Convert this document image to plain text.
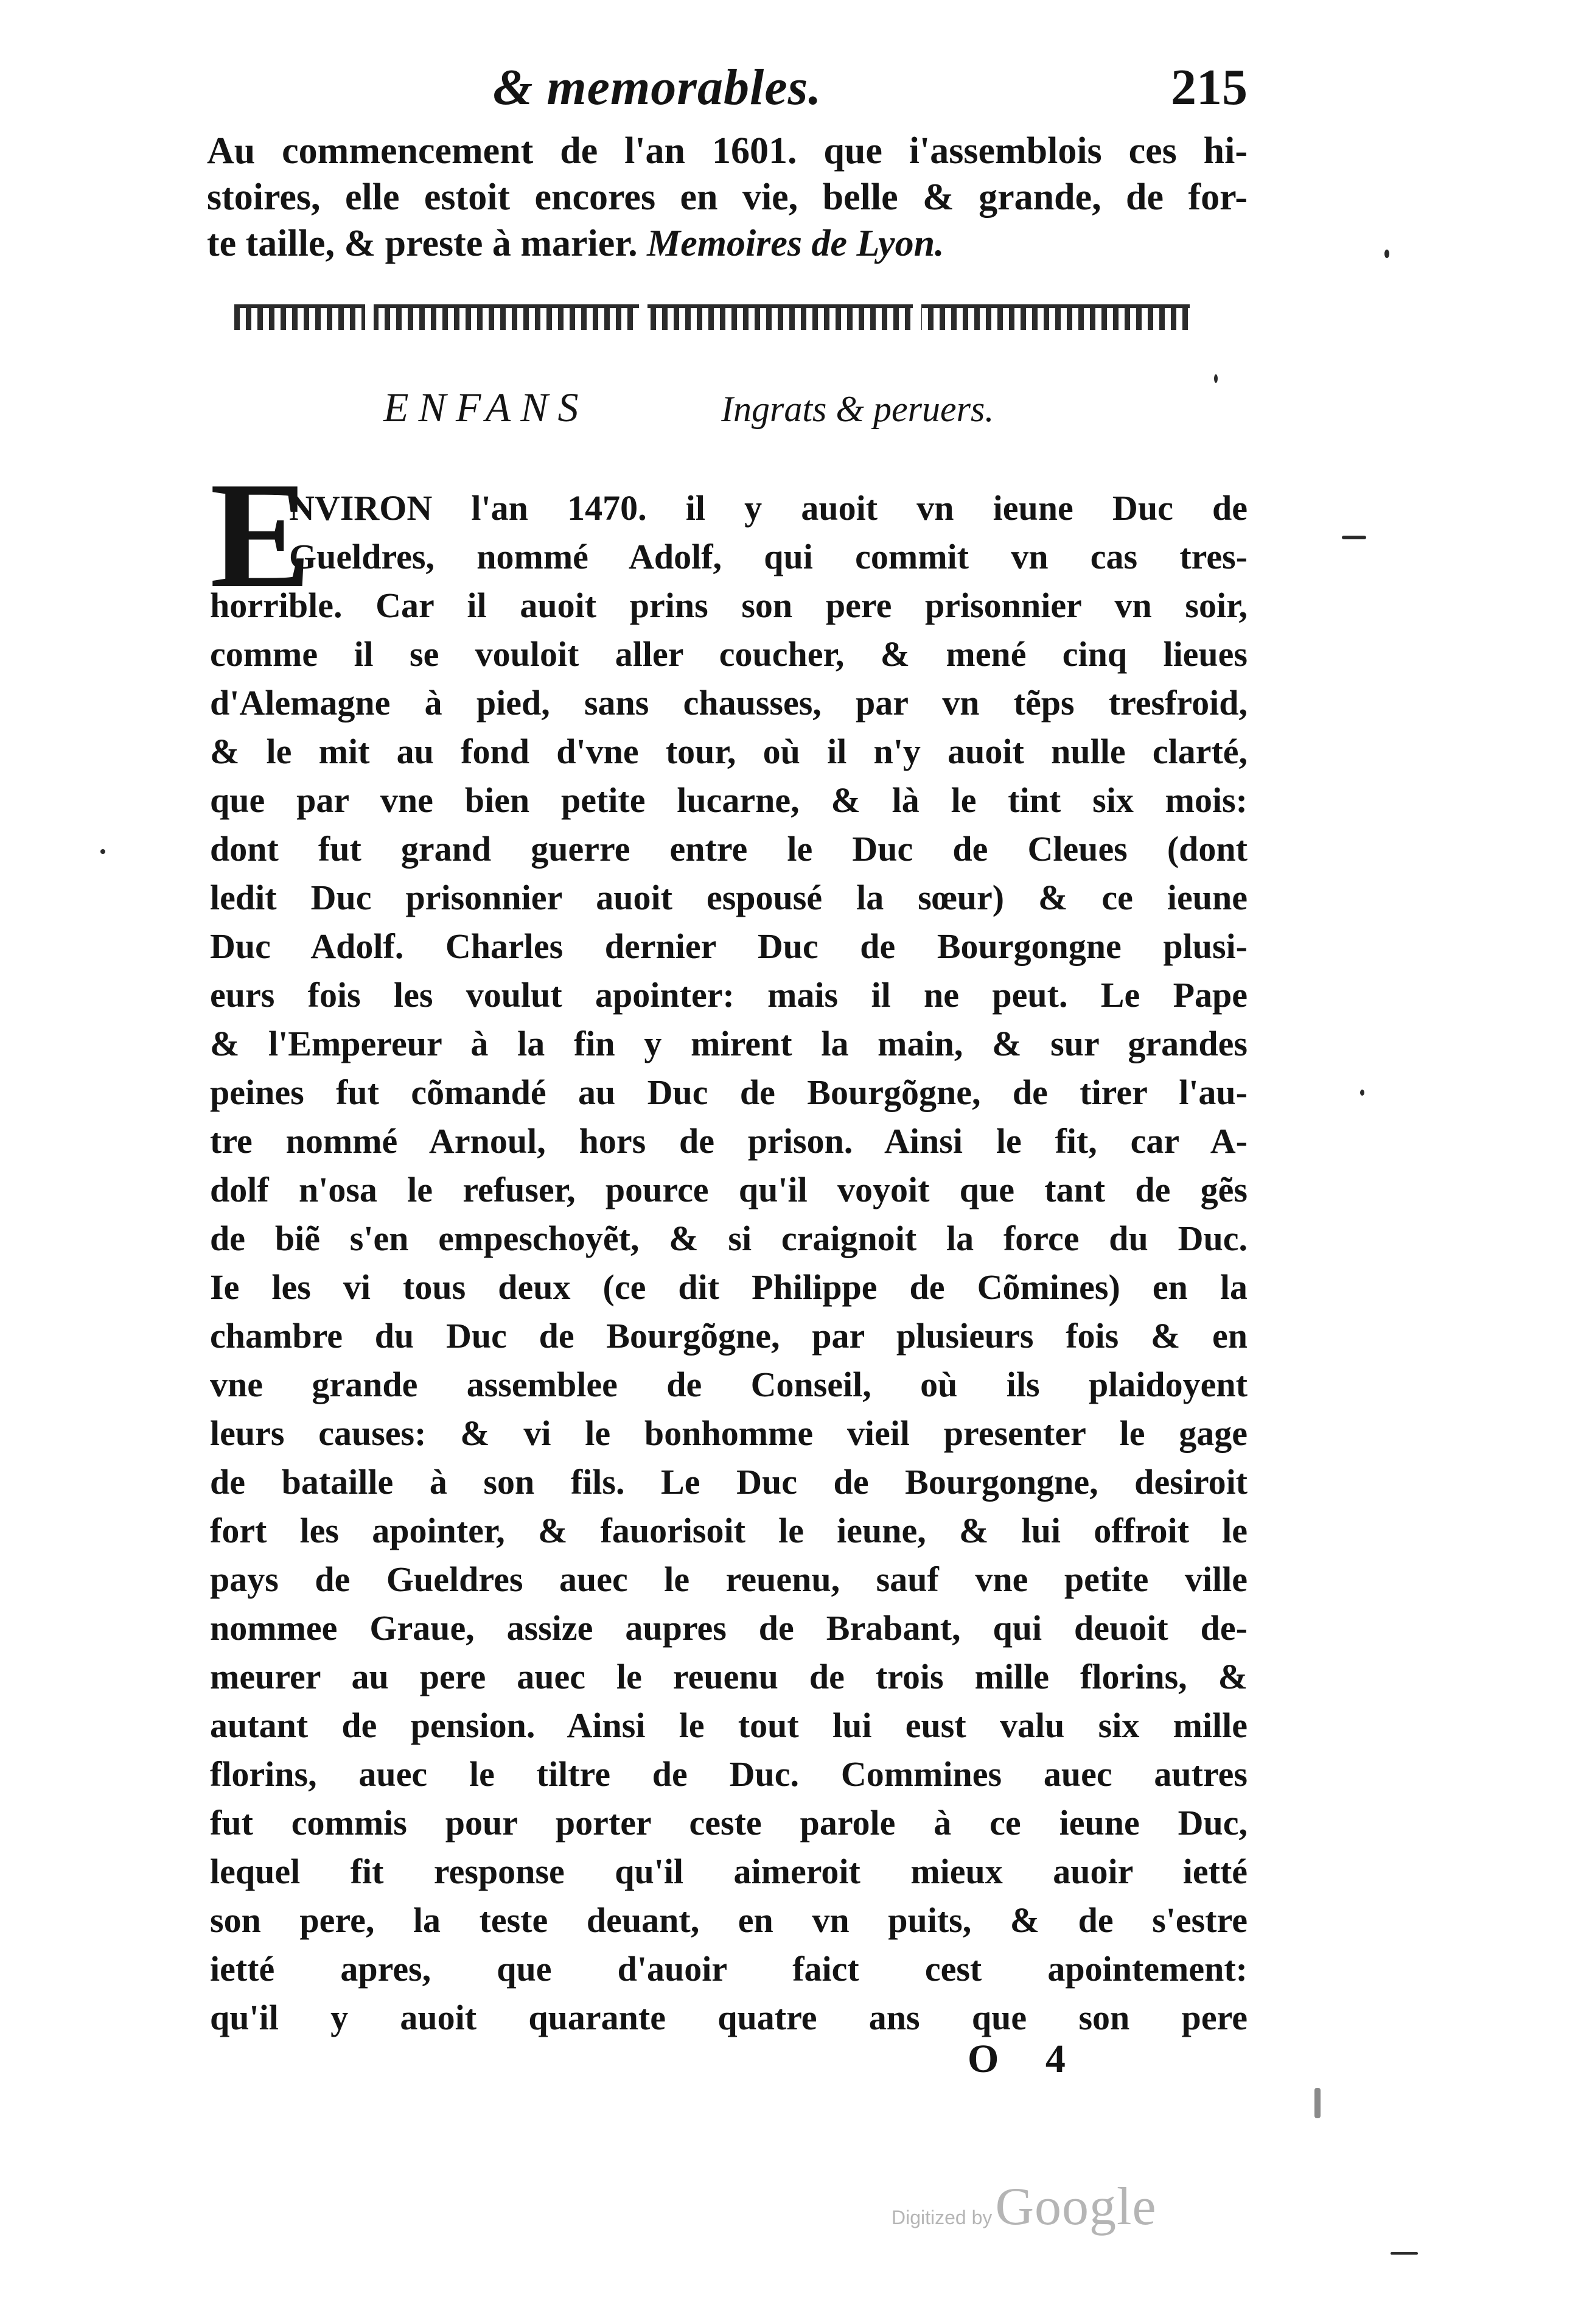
& memorables.	215
Au commencement de l'an 1601. que i'assemblois ces hi-
stoires, elle estoit encores en vie, belle & grande, de for-
te taille, & preste à marier. Memoires de Lyon.
ENFANS	Ingrats & peruers.
E
NVIRON l'an 1470. il y auoit vn ieune Duc de
Gueldres, nommé Adolf, qui commit vn cas tres-
horrible. Car il auoit prins son pere prisonnier vn soir,
comme il se vouloit aller coucher, & mené cinq lieues
d'Alemagne à pied, sans chausses, par vn tẽps tresfroid,
& le mit au fond d'vne tour, où il n'y auoit nulle clarté,
que par vne bien petite lucarne, & là le tint six mois:
dont fut grand guerre entre le Duc de Cleues (dont
ledit Duc prisonnier auoit espousé la sœur) & ce ieune
Duc Adolf. Charles dernier Duc de Bourgongne plusi-
eurs fois les voulut apointer: mais il ne peut. Le Pape
& l'Empereur à la fin y mirent la main, & sur grandes
peines fut cõmandé au Duc de Bourgõgne, de tirer l'au-
tre nommé Arnoul, hors de prison. Ainsi le fit, car A-
dolf n'osa le refuser, pource qu'il voyoit que tant de gẽs
de biẽ s'en empeschoyẽt, & si craignoit la force du Duc.
Ie les vi tous deux (ce dit Philippe de Cõmines) en la
chambre du Duc de Bourgõgne, par plusieurs fois & en
vne grande assemblee de Conseil, où ils plaidoyent
leurs causes: & vi le bonhomme vieil presenter le gage
de bataille à son fils. Le Duc de Bourgongne, desiroit
fort les apointer, & fauorisoit le ieune, & lui offroit le
pays de Gueldres auec le reuenu, sauf vne petite ville
nommee Graue, assize aupres de Brabant, qui deuoit de-
meurer au pere auec le reuenu de trois mille florins, &
autant de pension. Ainsi le tout lui eust valu six mille
florins, auec le tiltre de Duc. Commines auec autres
fut commis pour porter ceste parole à ce ieune Duc,
lequel fit response qu'il aimeroit mieux auoir ietté
son pere, la teste deuant, en vn puits, & de s'estre
ietté apres, que d'auoir faict cest apointement:
qu'il y auoit quarante quatre ans que son pere
O 4
Digitized by Google
